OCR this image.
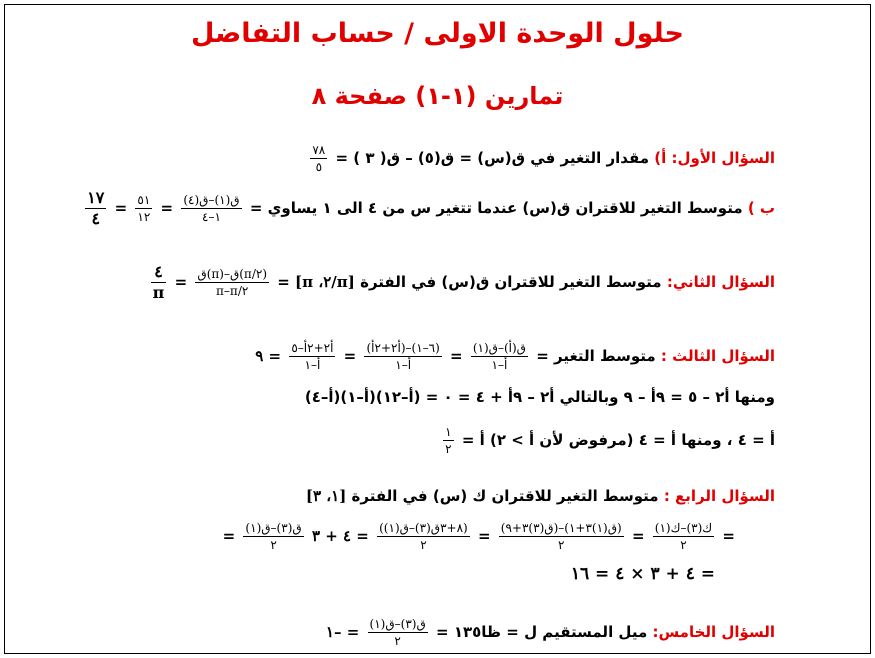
حلول الوحدة الاولى / حساب التفاضل
تمارين (١-١) صفحة ٨
السؤال الأول: أ) مقدار التغير في ق(س) = ق(٥) – ق( ٣ ) =
$\frac{٧٨}{٥}$
ب ) متوسط التغير للاقتران ق(س) عندما تتغير س من ٤ الى ١ يساوي =
$\frac{\text{ق(١)–ق(٤)}}{١-٤}$
=
$\frac{٥١}{١٢}$
=
$\frac{١٧}{٤}$
السؤال الثاني: متوسط التغير للاقتران ق(س) في الفترة [π/٢، π] =
$\frac{\text{ق(π)–ق(π/٢)}}{\pi-\pi/٢}$
=
$\frac{٤}{\pi}$
السؤال الثالث : متوسط التغير =
$\frac{\text{ق(أ)–ق(١)}}{\text{أ–١}}$
=
$\frac{\text{(أ٢+٢أ)–(٦–١)}}{\text{أ–١}}$
=
$\frac{\text{أ٢+٢أ–٥}}{\text{أ–١}}$
= ٩
ومنها أ٢ – ٥ = ٩أ – ٩ وبالتالي أ٢ – ٩أ + ٤ = ٠ = (أ–١٢)(أ–١)(أ–٤)
أ = ٤ ، ومنها أ = ٤ (مرفوض لأن أ > ٢) أ =
$\frac{١}{٢}$
السؤال الرابع : متوسط التغير للاقتران ك (س) في الفترة [١، ٣]
=
$\frac{\text{ك(٣)–ك(١)}}{٢}$
=
$\frac{\text{(ق(٣)٣+٩)–(ق(١)٣+١)}}{٢}$
=
$\frac{\text{(٨+٣ق(٣)–ق(١))}}{٢}$
= ٤ + ٣
$\frac{\text{ق(٣)–ق(١)}}{٢}$
=
= ٤ + ٣ × ٤ = ١٦
السؤال الخامس: ميل المستقيم ل = ظا١٣٥ =
$\frac{\text{ق(٣)–ق(١)}}{٢}$
= –١
